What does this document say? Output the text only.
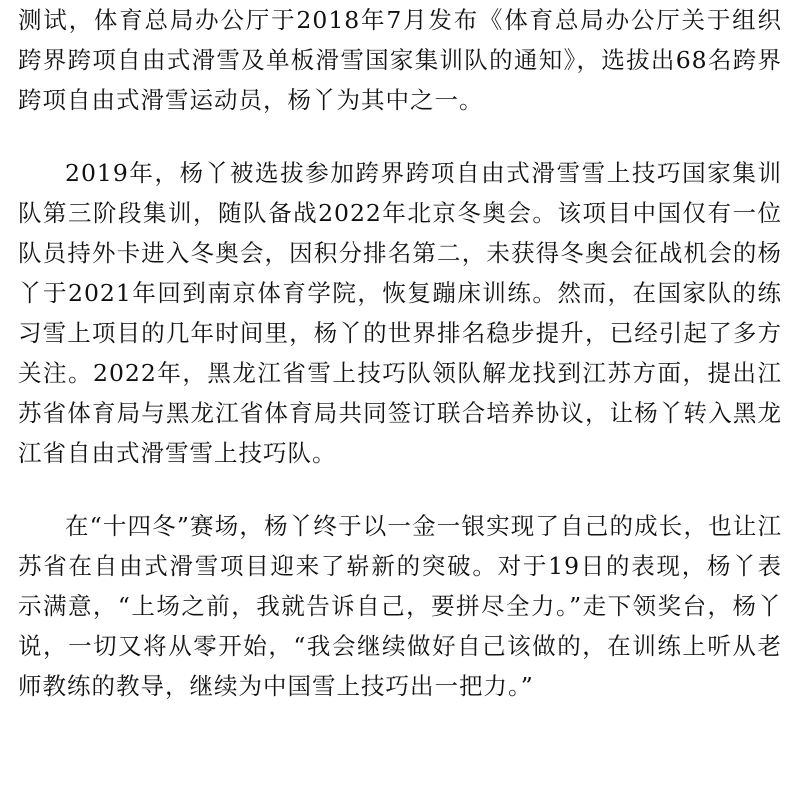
测试，体育总局办公厅于2018年7月发布《体育总局办公厅关于组织跨界跨项自由式滑雪及单板滑雪国家集训队的通知》，选拔出68名跨界跨项自由式滑雪运动员，杨丫为其中之一。

2019年，杨丫被选拔参加跨界跨项自由式滑雪雪上技巧国家集训队第三阶段集训，随队备战2022年北京冬奥会。该项目中国仅有一位队员持外卡进入冬奥会，因积分排名第二，未获得冬奥会征战机会的杨丫于2021年回到南京体育学院，恢复蹦床训练。然而，在国家队的练习雪上项目的几年时间里，杨丫的世界排名稳步提升，已经引起了多方关注。2022年，黑龙江省雪上技巧队领队解龙找到江苏方面，提出江苏省体育局与黑龙江省体育局共同签订联合培养协议，让杨丫转入黑龙江省自由式滑雪雪上技巧队。

在“十四冬”赛场，杨丫终于以一金一银实现了自己的成长，也让江苏省在自由式滑雪项目迎来了崭新的突破。对于19日的表现，杨丫表示满意，“上场之前，我就告诉自己，要拼尽全力。”走下领奖台，杨丫说，一切又将从零开始，“我会继续做好自己该做的，在训练上听从老师教练的教导，继续为中国雪上技巧出一把力。”
